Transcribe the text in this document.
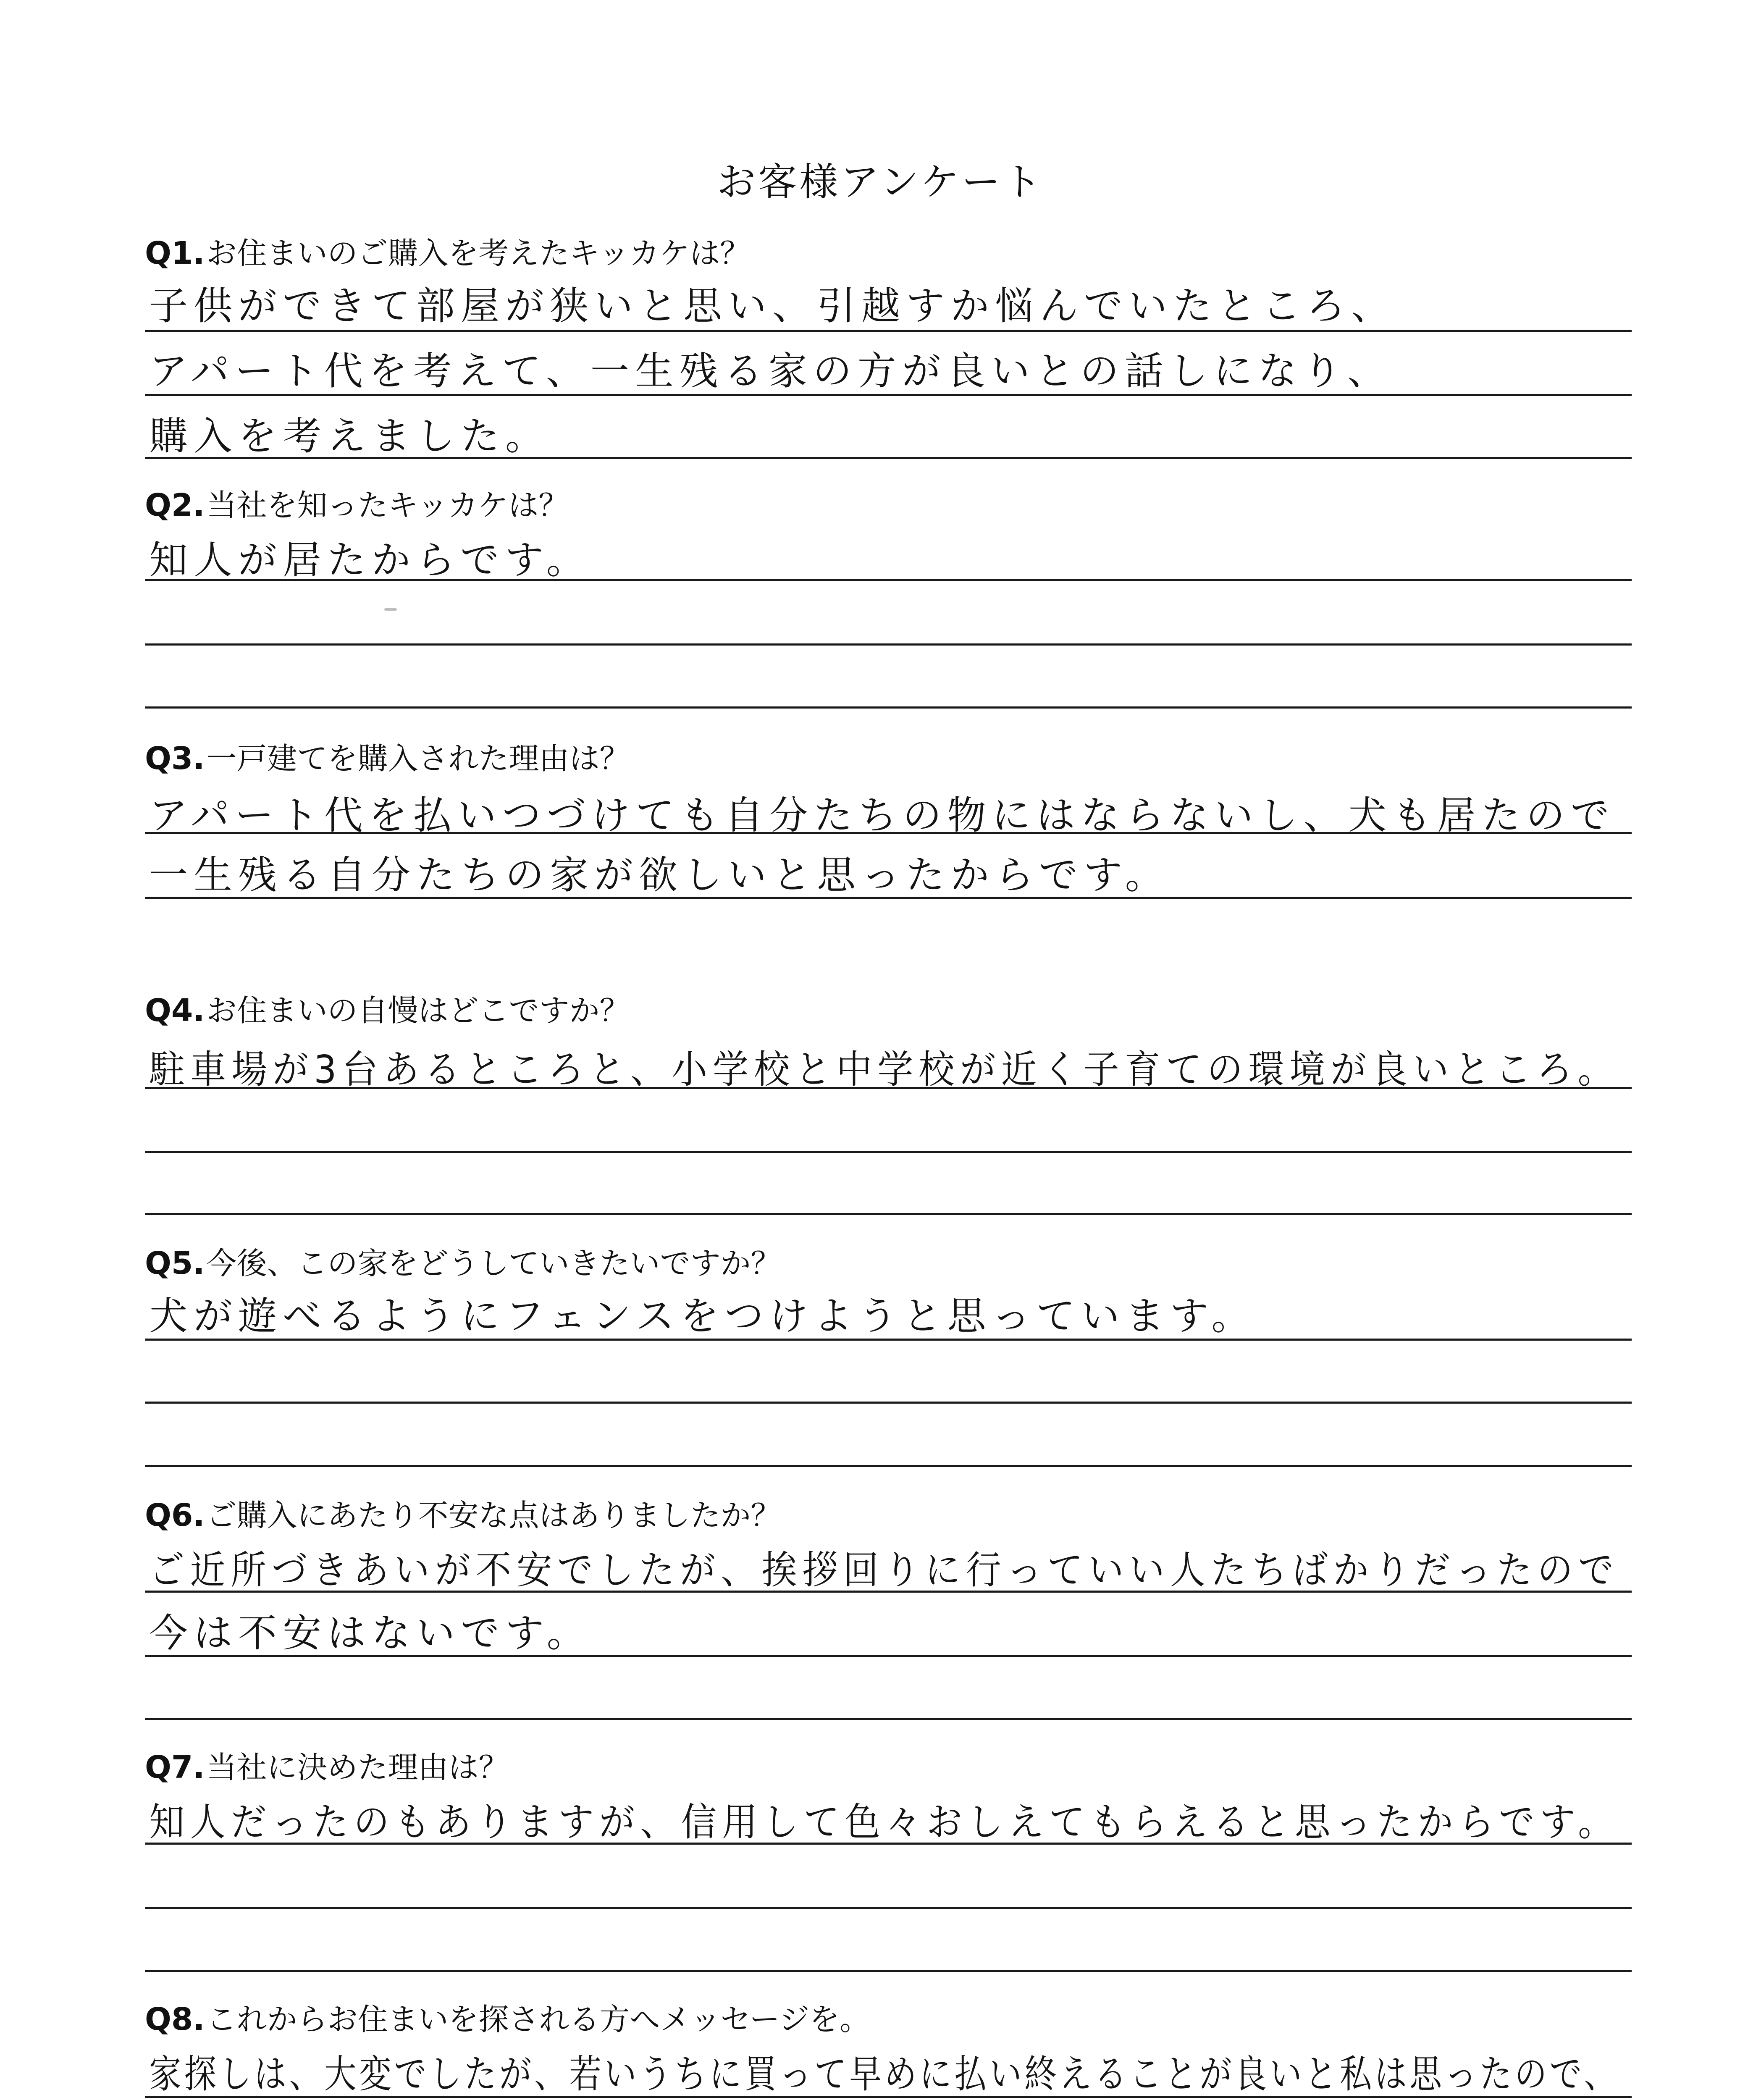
お客様アンケート
Q1.お住まいのご購入を考えたキッカケは？
子供ができて部屋が狭いと思い、引越すか悩んでいたところ、
アパート代を考えて、一生残る家の方が良いとの話しになり、
購入を考えました。
Q2.当社を知ったキッカケは？
知人が居たからです。
Q3.一戸建てを購入された理由は？
アパート代を払いつづけても自分たちの物にはならないし、犬も居たので
一生残る自分たちの家が欲しいと思ったからです。
Q4.お住まいの自慢はどこですか？
駐車場が3台あるところと、小学校と中学校が近く子育ての環境が良いところ。
Q5.今後、この家をどうしていきたいですか？
犬が遊べるようにフェンスをつけようと思っています。
Q6.ご購入にあたり不安な点はありましたか？
ご近所づきあいが不安でしたが、挨拶回りに行っていい人たちばかりだったので
今は不安はないです。
Q7.当社に決めた理由は？
知人だったのもありますが、信用して色々おしえてもらえると思ったからです。
Q8.これからお住まいを探される方へメッセージを。
家探しは、大変でしたが、若いうちに買って早めに払い終えることが良いと私は思ったので、
